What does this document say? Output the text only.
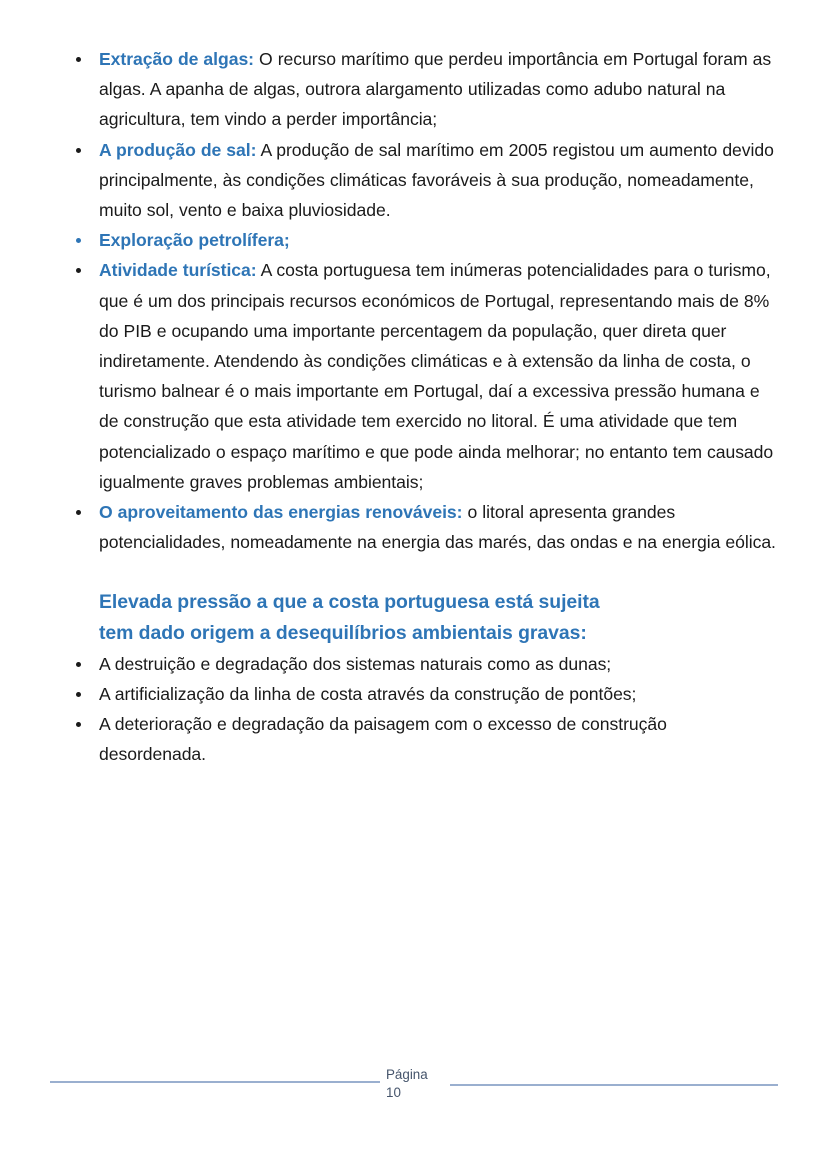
Extração de algas: O recurso marítimo que perdeu importância em Portugal foram as algas. A apanha de algas, outrora alargamento utilizadas como adubo natural na agricultura, tem vindo a perder importância;
A produção de sal: A produção de sal marítimo em 2005 registou um aumento devido principalmente, às condições climáticas favoráveis à sua produção, nomeadamente, muito sol, vento e baixa pluviosidade.
Exploração petrolífera;
Atividade turística: A costa portuguesa tem inúmeras potencialidades para o turismo, que é um dos principais recursos económicos de Portugal, representando mais de 8% do PIB e ocupando uma importante percentagem da população, quer direta quer indiretamente. Atendendo às condições climáticas e à extensão da linha de costa, o turismo balnear é o mais importante em Portugal, daí a excessiva pressão humana e de construção que esta atividade tem exercido no litoral. É uma atividade que tem potencializado o espaço marítimo e que pode ainda melhorar; no entanto tem causado igualmente graves problemas ambientais;
O aproveitamento das energias renováveis: o litoral apresenta grandes potencialidades, nomeadamente na energia das marés, das ondas e na energia eólica.
Elevada pressão a que a costa portuguesa está sujeita
tem dado origem a desequilíbrios ambientais gravas:
A destruição e degradação dos sistemas naturais como as dunas;
A artificialização da linha de costa através da construção de pontões;
A deterioração e degradação da paisagem com o excesso de construção desordenada.
Página
10
